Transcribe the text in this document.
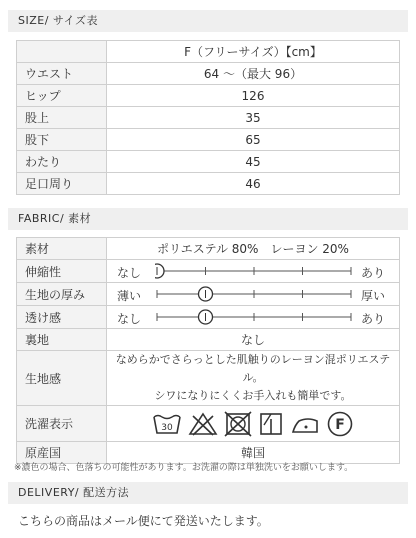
SIZE/ サイズ表
	F（フリーサイズ）【cm】
ウエスト	64 〜（最大 96）
ヒップ	126
股上	35
股下	65
わたり	45
足口周り	46
FABRIC/ 素材
素材	ポリエステル 80%　レーヨン 20%
伸縮性	なし あり

生地の厚み	薄い 厚い

透け感	なし あり

裏地	なし
生地感	なめらかでさらっとした肌触りのレーヨン混ポリエステル。
シワになりにくくお手入れも簡単です。

洗濯表示	30 F

原産国	韓国
※濃色の場合、色落ちの可能性があります。お洗濯の際は単独洗いをお願いします。
DELIVERY/ 配送方法
こちらの商品はメール便にて発送いたします。
